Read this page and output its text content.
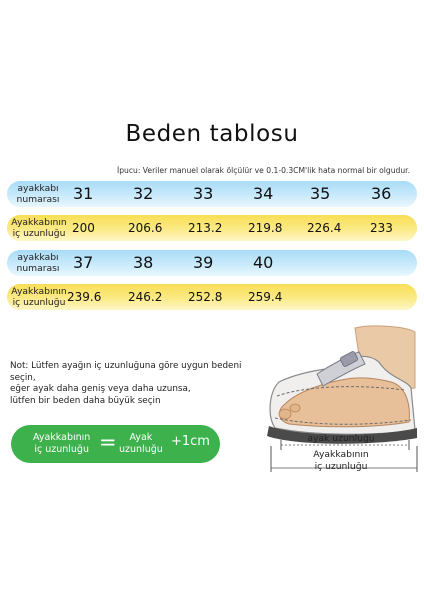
Beden tablosu
İpucu: Veriler manuel olarak ölçülür ve 0.1-0.3CM'lik hata normal bir olgudur.
ayakkabı
numarası 31 32 33 34 35	36
Ayakkabının
iç uzunluğu 200	206.6 213.2 219.8 226.4 233
ayakkabı
numarası 37 38 39 40
Ayakkabının
iç uzunluğu 239.6 246.2 252.8 259.4
Not: Lütfen ayağın iç uzunluğuna göre uygun bedeni seçin,
eğer ayak daha geniş veya daha uzunsa,
lütfen bir beden daha büyük seçin
Ayakkabının
iç uzunluğu =	Ayak
uzunluğu
+1cm	ayak uzunluğu
Ayakkabının
iç uzunluğu
